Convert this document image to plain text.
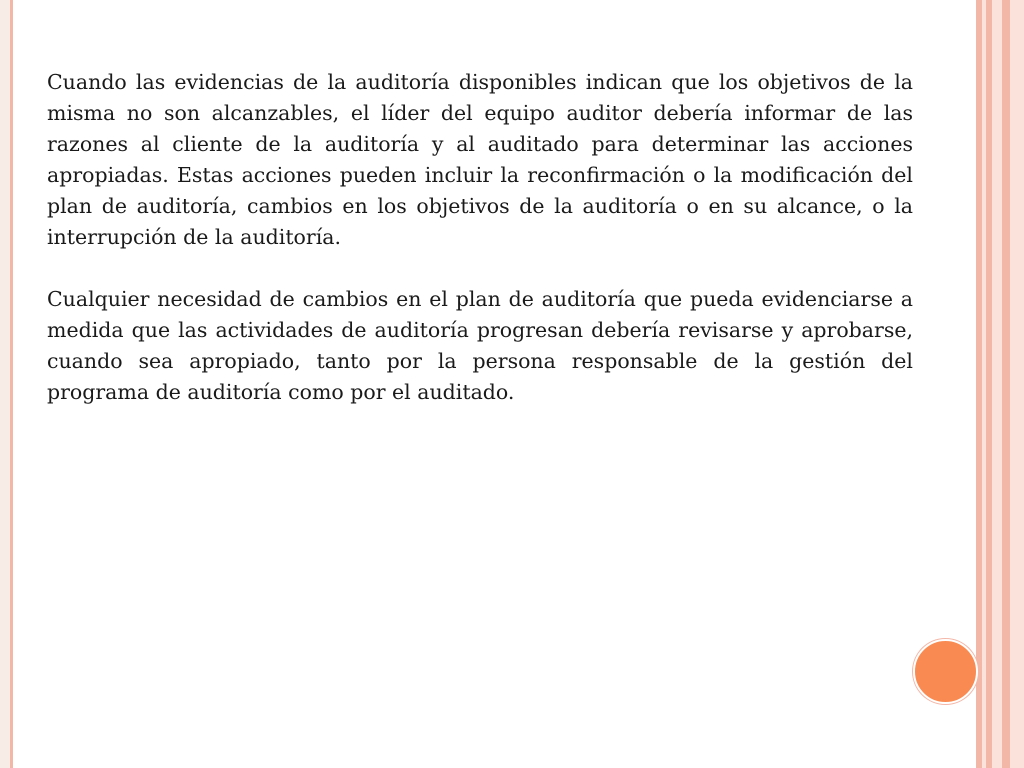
Cuando las evidencias de la auditoría disponibles indican que los objetivos de la misma no son alcanzables, el líder del equipo auditor debería informar de las razones al cliente de la auditoría y al auditado para determinar las acciones apropiadas. Estas acciones pueden incluir la reconfirmación o la modificación del plan de auditoría, cambios en los objetivos de la auditoría o en su alcance, o la interrupción de la auditoría.

Cualquier necesidad de cambios en el plan de auditoría que pueda evidenciarse a medida que las actividades de auditoría progresan debería revisarse y aprobarse, cuando sea apropiado, tanto por la persona responsable de la gestión del programa de auditoría como por el auditado.
